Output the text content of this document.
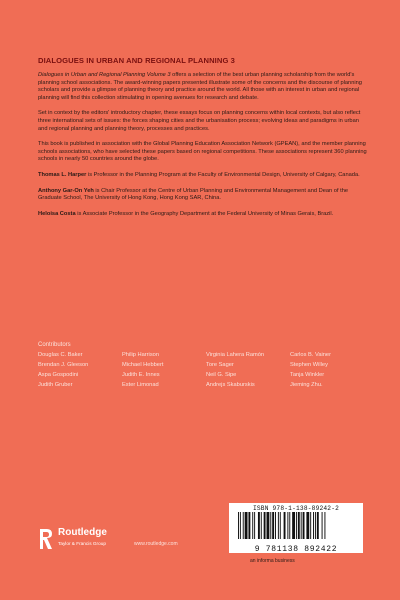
DIALOGUES IN URBAN AND REGIONAL PLANNING 3

Dialogues in Urban and Regional Planning Volume 3 offers a selection of the best urban planning scholarship from the world's planning school associations. The award-winning papers presented illustrate some of the concerns and the discourse of planning scholars and provide a glimpse of planning theory and practice around the world. All those with an interest in urban and regional planning will find this collection stimulating in opening avenues for research and debate.

Set in context by the editors' introductory chapter, these essays focus on planning concerns within local contexts, but also reflect three international sets of issues: the forces shaping cities and the urbanisation process; evolving ideas and paradigms in urban and regional planning and planning theory, processes and practices.

This book is published in association with the Global Planning Education Association Network (GPEAN), and the member planning schools associations, who have selected these papers based on regional competitions. These associations represent 360 planning schools in nearly 50 countries around the globe.

Thomas L. Harper is Professor in the Planning Program at the Faculty of Environmental Design, University of Calgary, Canada.

Anthony Gar-On Yeh is Chair Professor at the Centre of Urban Planning and Environmental Management and Dean of the Graduate School, The University of Hong Kong, Hong Kong SAR, China.

Heloisa Costa is Associate Professor in the Geography Department at the Federal University of Minas Gerais, Brazil.

Contributors
Douglas C. Baker	Philip Harrison	Virginia Lahera Ramón	Carlos B. Vainer
Brendan J. Gleeson	Michael Hebbert	Tore Sager	Stephen Willey
Aspa Gospodini	Judith E. Innes	Neil G. Sipe	Tanja Winkler
Judith Gruber	Ester Limonad	Andrejs Skaburskis	Jieming Zhu.
Routledge
Taylor & Francis Group	www.routledge.com
ISBN 978-1-138-89242-2
9 781138 892422
an informa business
